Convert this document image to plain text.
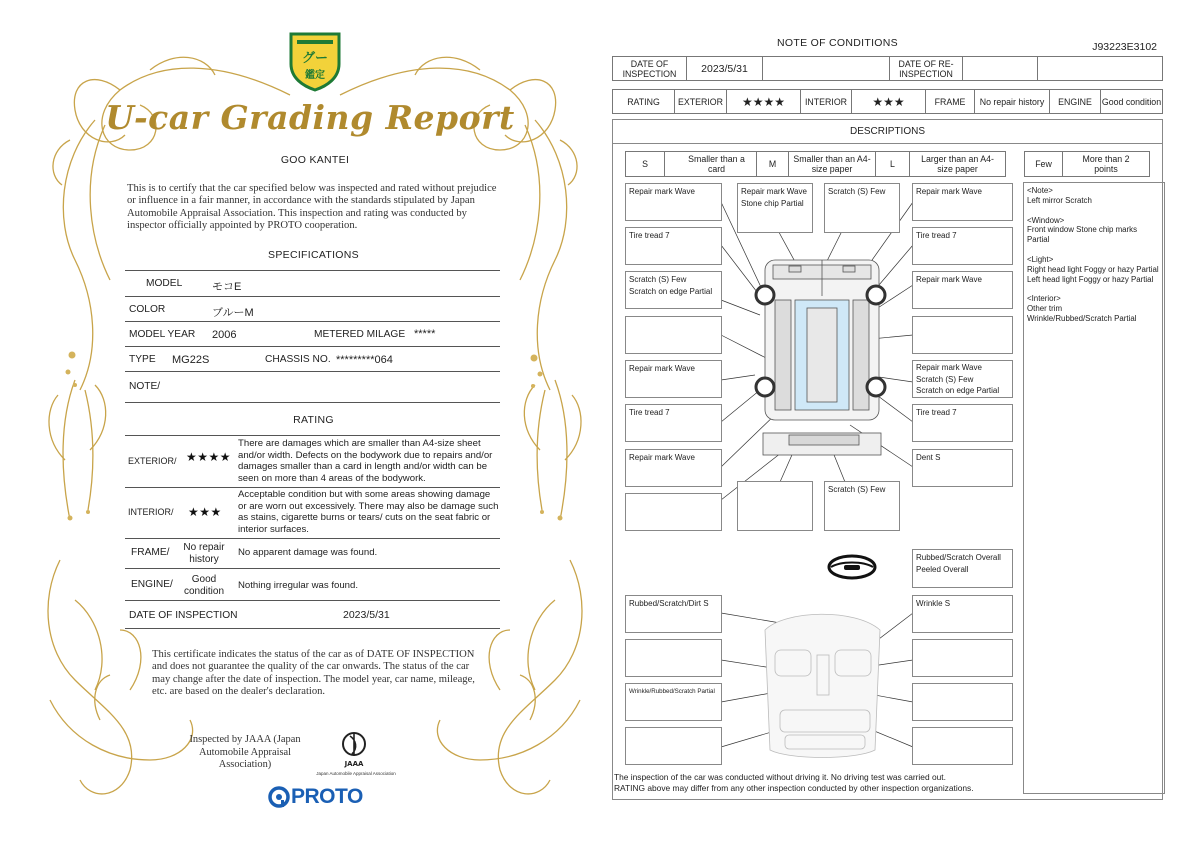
グー
鑑定
U-car Grading Report
GOO KANTEI
This is to certify that the car specified below was inspected and rated without prejudice or influence in a fair manner, in accordance with the standards stipulated by Japan Automobile Appraisal Association. This inspection and rating was conducted by inspector officially appointed by PROTO cooperation.
SPECIFICATIONS
MODEL	モコE
COLOR	ブルーM
MODEL YEAR 2006	METERED MILAGE *****
TYPE MG22S	CHASSIS NO. *********064
NOTE/
RATING
EXTERIOR/ ★★★★
There are damages which are smaller than A4-size sheet and/or width. Defects on the bodywork due to repairs and/or damages smaller than a card in length and/or width can be seen on more than 4 areas of the bodywork.
INTERIOR/ ★★★
Acceptable condition but with some areas showing damage or are worn out excessively. There may also be damage such as stains, cigarette burns or tears/ cuts on the seat fabric or interior surfaces.
FRAME/	No repair history
No apparent damage was found.
ENGINE/	Good condition	Nothing irregular was found.
DATE OF INSPECTION	2023/5/31
This certificate indicates the status of the car as of DATE OF INSPECTION and does not guarantee the quality of the car onwards. The status of the car may change after the date of inspection. The model year, car name, mileage, etc. are based on the dealer's declaration.
Inspected by JAAA (Japan Automobile Appraisal Association)	JAAA
Japan Automobile Appraisal Association
PROTO
NOTE OF CONDITIONS	J93223E3102
DATE OF INSPECTION	2023/5/31	DATE OF RE-INSPECTION
RATING	EXTERIOR	★★★★	INTERIOR	★★★	FRAME	No repair history	ENGINE	Good condition
DESCRIPTIONS
S	Smaller than a card	M	Smaller than an A4-size paper	L	Larger than an A4-size paper	Few	More than 2 points
Repair mark Wave
Tire tread 7
Scratch (S) Few
Scratch on edge Partial
Repair mark Wave
Tire tread 7
Repair mark Wave
Repair mark Wave
Stone chip Partial
Scratch (S) Few	Repair mark Wave
Tire tread 7
Repair mark Wave
Repair mark Wave
Scratch (S) Few
Scratch on edge Partial
Tire tread 7
Dent S
Scratch (S) Few
Rubbed/Scratch Overall
Peeled Overall
Rubbed/Scratch/Dirt S
Wrinkle/Rubbed/Scratch Partial
Wrinkle S
<Note>
Left mirror Scratch
<Window>
Front window Stone chip marks Partial
<Light>
Right head light Foggy or hazy Partial
Left head light Foggy or hazy Partial
<Interior>
Other trim
Wrinkle/Rubbed/Scratch Partial
The inspection of the car was conducted without driving it. No driving test was carried out.
RATING above may differ from any other inspection conducted by other inspection organizations.
